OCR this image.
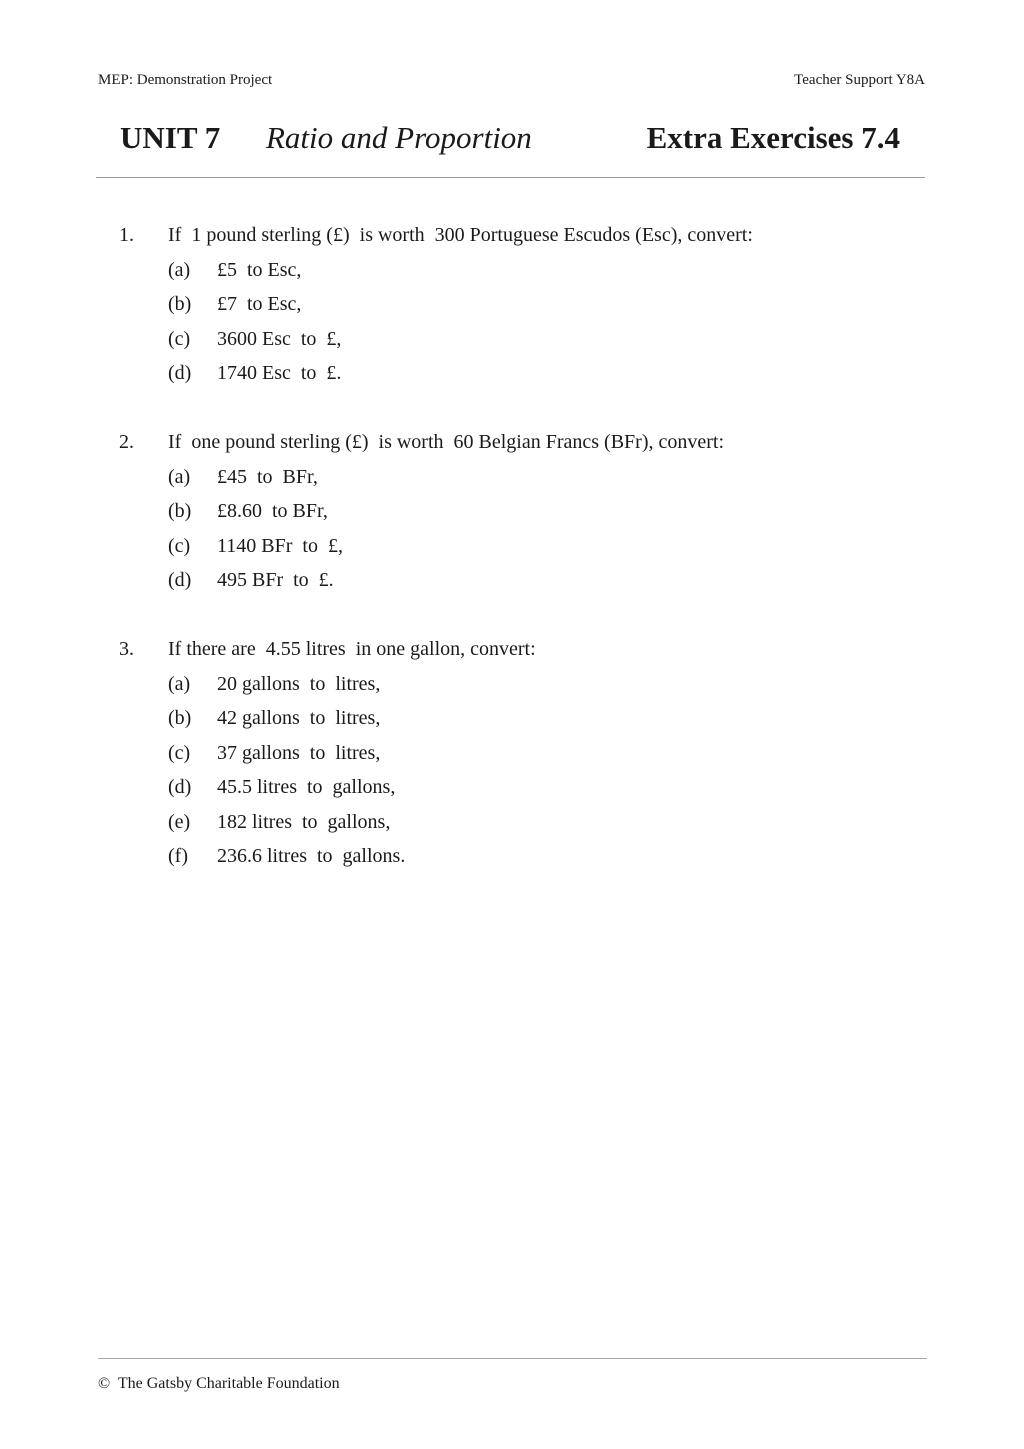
MEP: Demonstration Project	Teacher Support Y8A
UNIT 7 Ratio and Proportion	Extra Exercises 7.4

1.

If  1 pound sterling (£)  is worth  300 Portuguese Escudos (Esc), convert:

(a)

£5  to Esc,

(b)

£7  to Esc,

(c)

3600 Esc  to  £,

(d)

1740 Esc  to  £.

2.

If  one pound sterling (£)  is worth  60 Belgian Francs (BFr), convert:

(a)

£45  to  BFr,

(b)

£8.60  to BFr,

(c)

1140 BFr  to  £,

(d)

495 BFr  to  £.

3.

If there are  4.55 litres  in one gallon, convert:

(a)

20 gallons  to  litres,

(b)

42 gallons  to  litres,

(c)

37 gallons  to  litres,

(d)

45.5 litres  to  gallons,

(e)

182 litres  to  gallons,

(f)

236.6 litres  to  gallons.

©  The Gatsby Charitable Foundation
